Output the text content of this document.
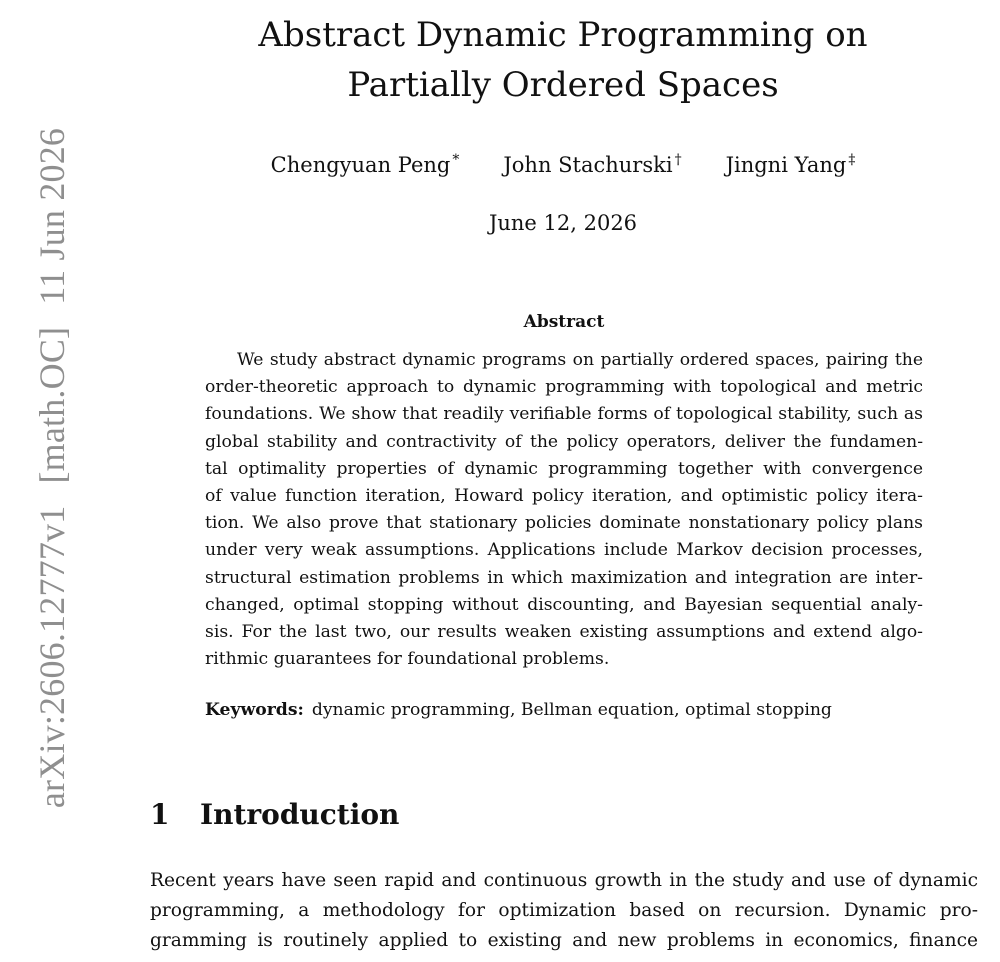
arXiv:2606.12777v1[math.OC]11 Jun 2026
Abstract Dynamic Programming on
Partially Ordered Spaces
Chengyuan Peng * John Stachurski † Jingni Yang ‡
June 12, 2026
Abstract
We study abstract dynamic programs on partially ordered spaces, pairing the
order-theoretic approach to dynamic programming with topological and metric
foundations. We show that readily verifiable forms of topological stability, such as
global stability and contractivity of the policy operators, deliver the fundamen-
tal optimality properties of dynamic programming together with convergence
of value function iteration, Howard policy iteration, and optimistic policy itera-
tion. We also prove that stationary policies dominate nonstationary policy plans
under very weak assumptions. Applications include Markov decision processes,
structural estimation problems in which maximization and integration are inter-
changed, optimal stopping without discounting, and Bayesian sequential analy-
sis. For the last two, our results weaken existing assumptions and extend algo-
rithmic guarantees for foundational problems.
Keywords: dynamic programming, Bellman equation, optimal stopping
1 Introduction
Recent years have seen rapid and continuous growth in the study and use of dynamic
programming, a methodology for optimization based on recursion. Dynamic pro-
gramming is routinely applied to existing and new problems in economics, finance
